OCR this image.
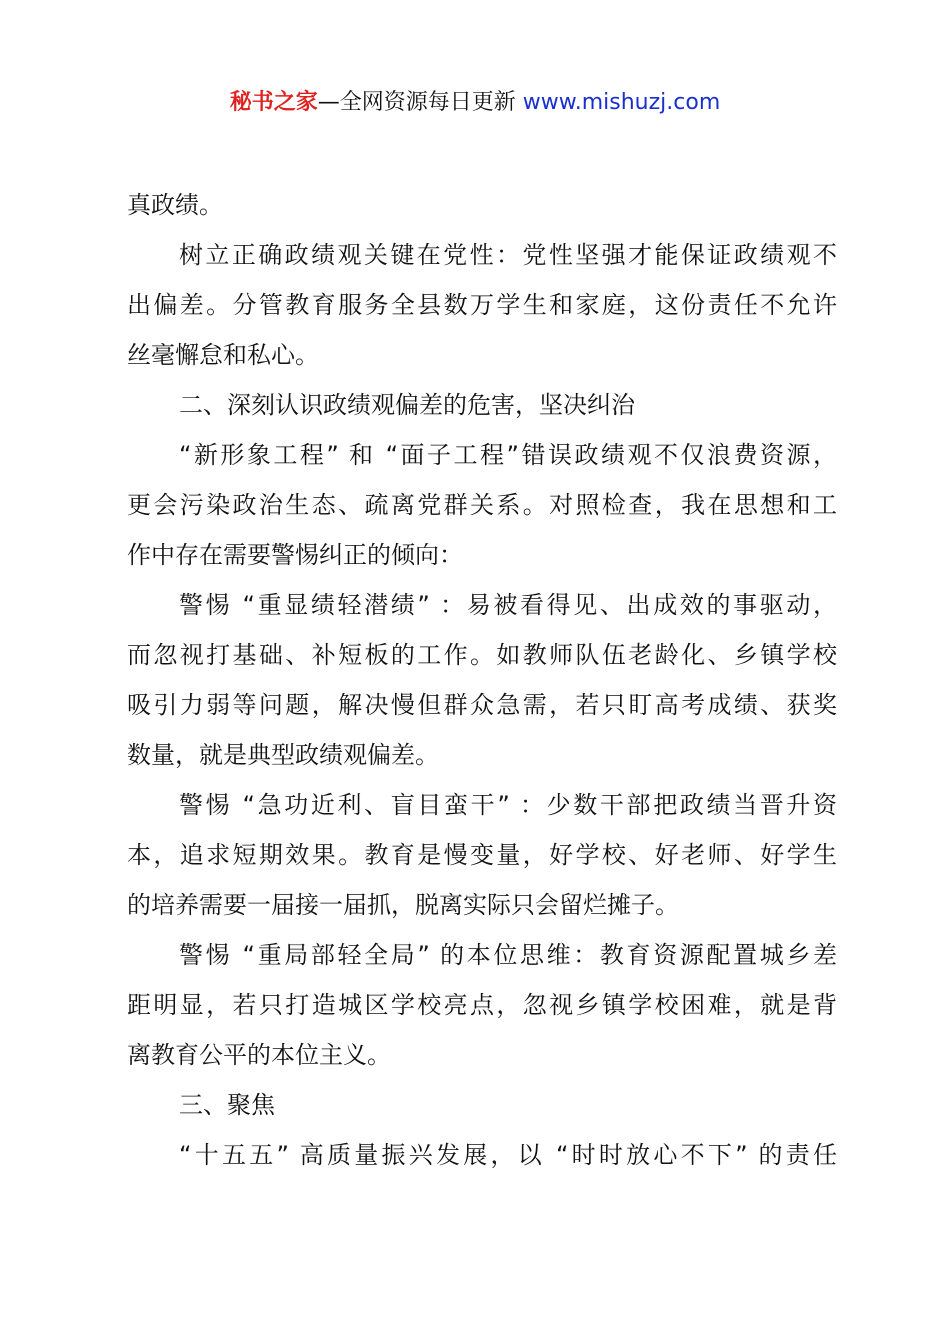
秘书之家—全网资源每日更新 www.mishuzj.com
真政绩。
树立正确政绩观关键在党性：党性坚强才能保证政绩观不
出偏差。分管教育服务全县数万学生和家庭，这份责任不允许
丝毫懈怠和私心。
二、深刻认识政绩观偏差的危害，坚决纠治
“新形象工程” 和 “面子工程”错误政绩观不仅浪费资源，
更会污染政治生态、疏离党群关系。对照检查，我在思想和工
作中存在需要警惕纠正的倾向：
警惕 “重显绩轻潜绩” ：易被看得见、出成效的事驱动，
而忽视打基础、补短板的工作。如教师队伍老龄化、乡镇学校
吸引力弱等问题，解决慢但群众急需，若只盯高考成绩、获奖
数量，就是典型政绩观偏差。
警惕 “急功近利、盲目蛮干” ：少数干部把政绩当晋升资
本，追求短期效果。教育是慢变量，好学校、好老师、好学生
的培养需要一届接一届抓，脱离实际只会留烂摊子。
警惕 “重局部轻全局” 的本位思维：教育资源配置城乡差
距明显，若只打造城区学校亮点，忽视乡镇学校困难，就是背
离教育公平的本位主义。
三、聚焦
“十五五” 高质量振兴发展，以 “时时放心不下” 的责任
